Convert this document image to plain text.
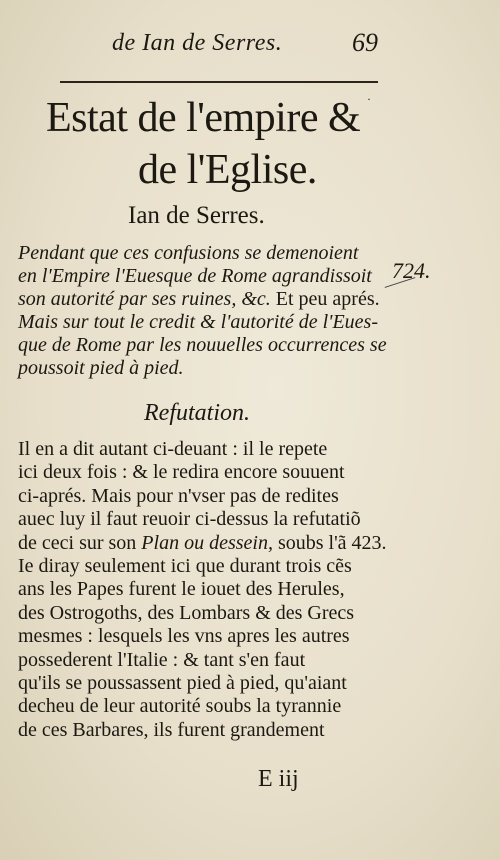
de Ian de Serres.	69
·
Estat de l'empire &
de l'Eglise.
Ian de Serres.
Pendant que ces confusions se demenoient
en l'Empire l'Euesque de Rome agrandissoit
son autorité par ses ruines, &c. Et peu aprés.
Mais sur tout le credit & l'autorité de l'Eues-
que de Rome par les nouuelles occurrences se
poussoit pied à pied.
724.
Refutation.
Il en a dit autant ci-deuant : il le repete
ici deux fois : & le redira encore souuent
ci-aprés. Mais pour n'vser pas de redites
auec luy il faut reuoir ci-dessus la refutatiõ
de ceci sur son Plan ou dessein, soubs l'ã 423.
Ie diray seulement ici que durant trois cẽs
ans les Papes furent le iouet des Herules,
des Ostrogoths, des Lombars & des Grecs
mesmes : lesquels les vns apres les autres
possederent l'Italie : & tant s'en faut
qu'ils se poussassent pied à pied, qu'aiant
decheu de leur autorité soubs la tyrannie
de ces Barbares, ils furent grandement
E iij
